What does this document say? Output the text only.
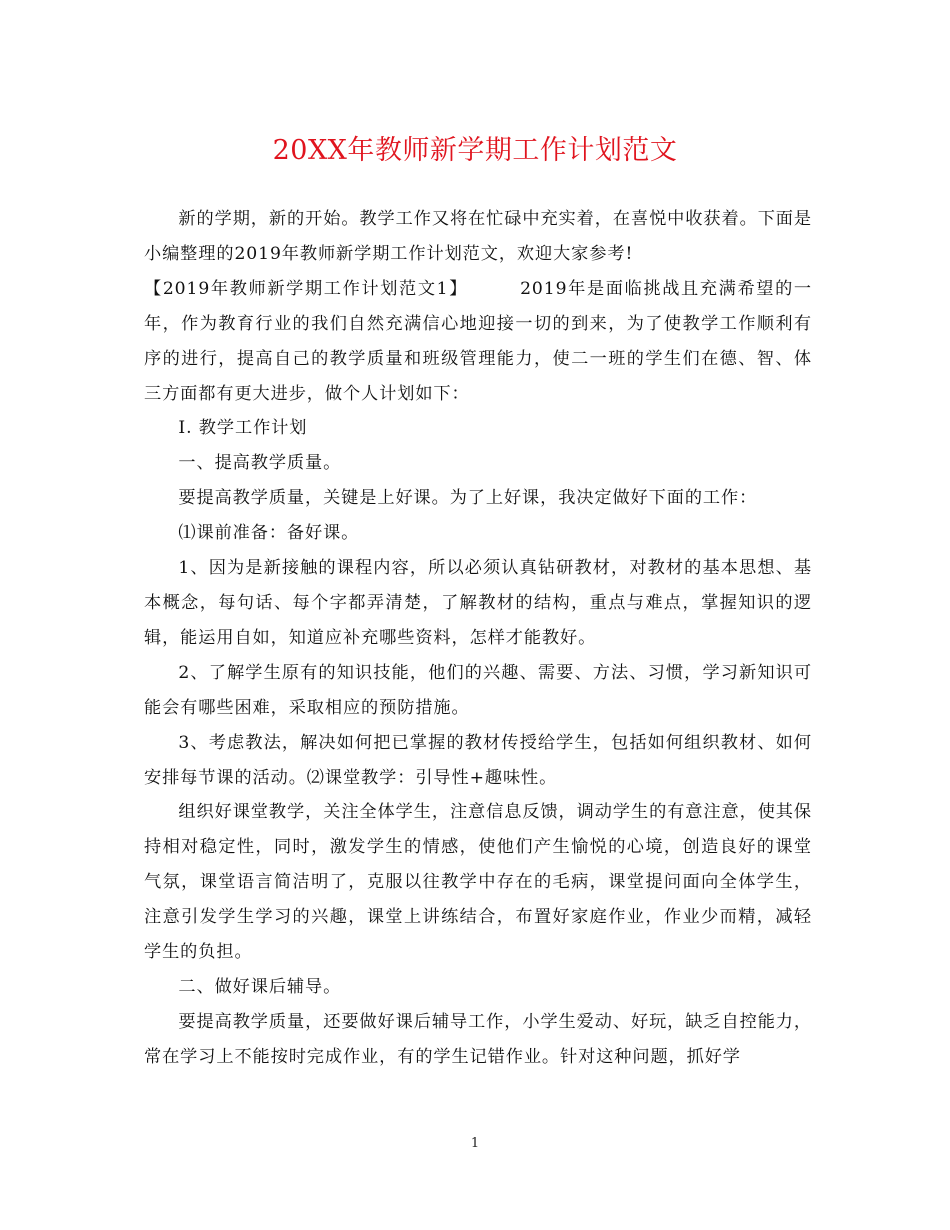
20XX年教师新学期工作计划范文

新的学期，新的开始。教学工作又将在忙碌中充实着，在喜悦中收获着。下面是小编整理的2019年教师新学期工作计划范文，欢迎大家参考!

【2019年教师新学期工作计划范文1】	2019年是面临挑战且充满希望的一年，作为教育行业的我们自然充满信心地迎接一切的到来，为了使教学工作顺利有序的进行，提高自己的教学质量和班级管理能力，使二一班的学生们在德、智、体三方面都有更大进步，做个人计划如下：

I. 教学工作计划

一、提高教学质量。

要提高教学质量，关键是上好课。为了上好课，我决定做好下面的工作：

⑴课前准备：备好课。

1、因为是新接触的课程内容，所以必须认真钻研教材，对教材的基本思想、基本概念，每句话、每个字都弄清楚，了解教材的结构，重点与难点，掌握知识的逻辑，能运用自如，知道应补充哪些资料，怎样才能教好。

2、了解学生原有的知识技能，他们的兴趣、需要、方法、习惯，学习新知识可能会有哪些困难，采取相应的预防措施。

3、考虑教法，解决如何把已掌握的教材传授给学生，包括如何组织教材、如何安排每节课的活动。⑵课堂教学：引导性+趣味性。

组织好课堂教学，关注全体学生，注意信息反馈，调动学生的有意注意，使其保持相对稳定性，同时，激发学生的情感，使他们产生愉悦的心境，创造良好的课堂气氛，课堂语言简洁明了，克服以往教学中存在的毛病，课堂提问面向全体学生，注意引发学生学习的兴趣，课堂上讲练结合，布置好家庭作业，作业少而精，减轻学生的负担。

二、做好课后辅导。

要提高教学质量，还要做好课后辅导工作，小学生爱动、好玩，缺乏自控能力，常在学习上不能按时完成作业，有的学生记错作业。针对这种问题，抓好学

1
